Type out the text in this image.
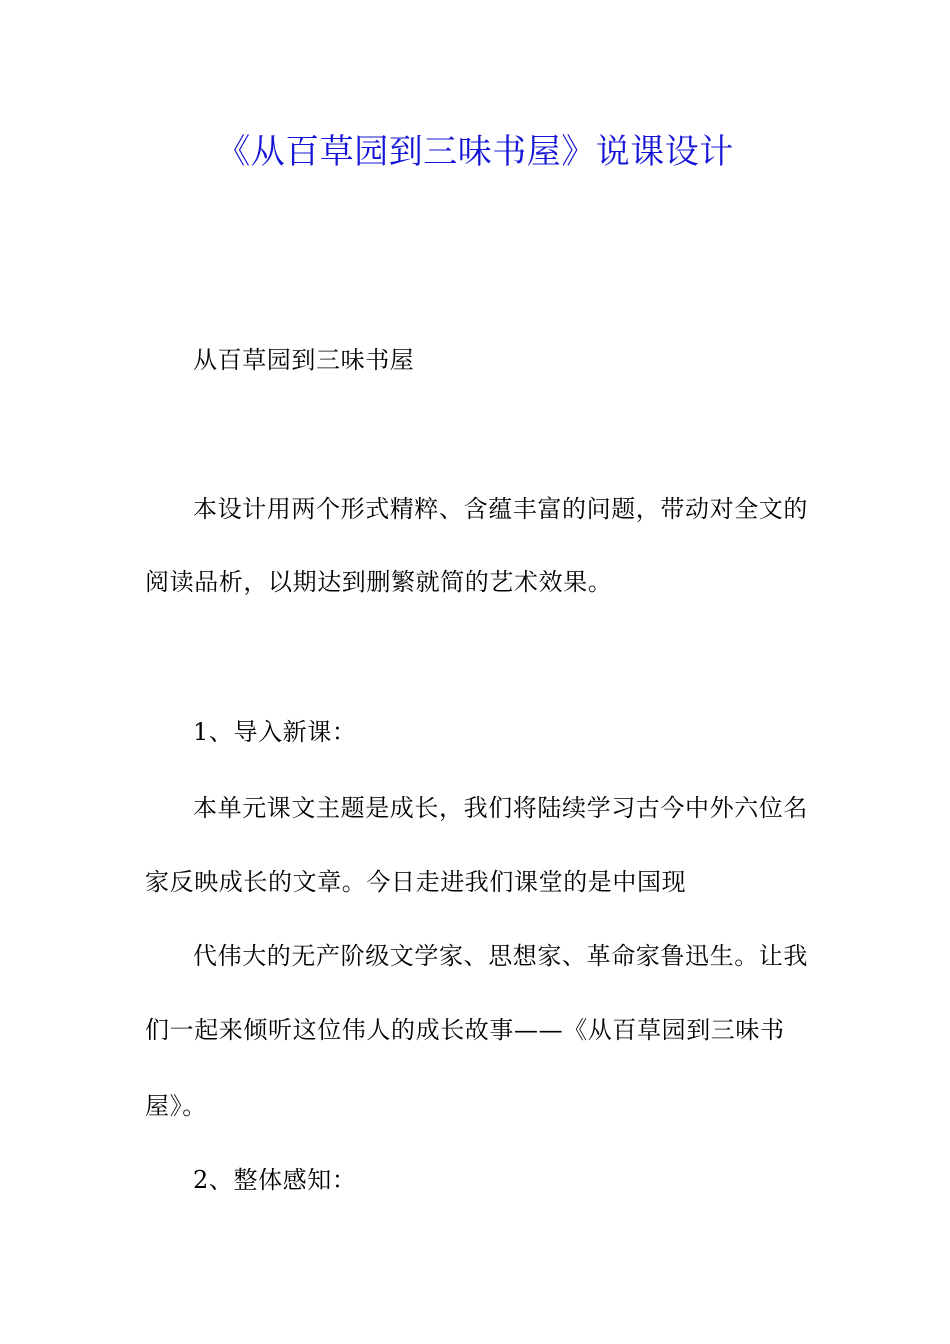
《从百草园到三味书屋》说课设计
从百草园到三味书屋
本设计用两个形式精粹、含蕴丰富的问题，带动对全文的
阅读品析，以期达到删繁就简的艺术效果。
1、导入新课：
本单元课文主题是成长，我们将陆续学习古今中外六位名
家反映成长的文章。今日走进我们课堂的是中国现
代伟大的无产阶级文学家、思想家、革命家鲁迅生。让我
们一起来倾听这位伟人的成长故事——《从百草园到三味书
屋》。
2、整体感知：
